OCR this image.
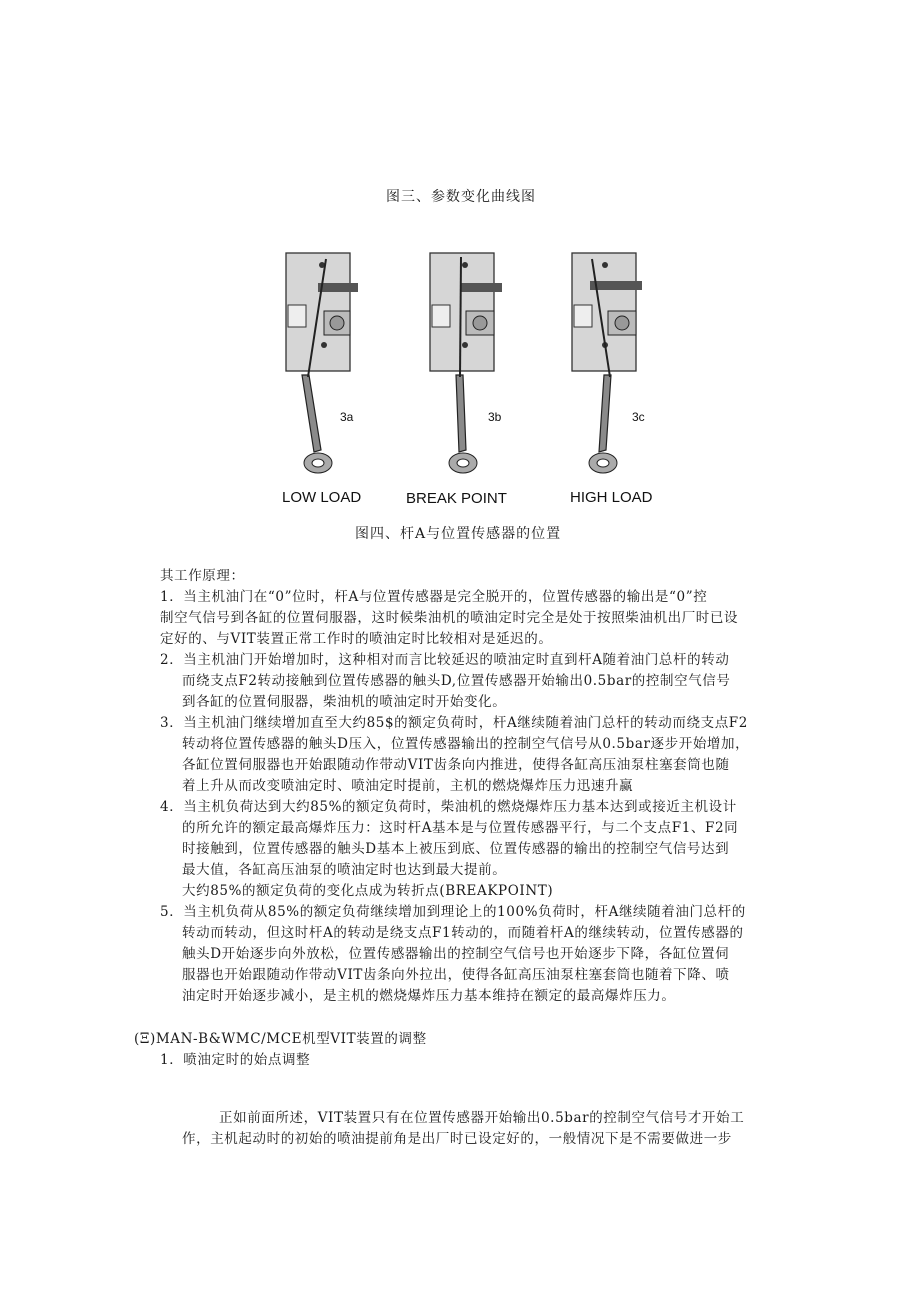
图三、参数变化曲线图
3a	3b	3c
LOW LOAD	BREAK POINT	HIGH LOAD
图四、杆A与位置传感器的位置
其工作原理：
1．当主机油门在“0”位时，杆A与位置传感器是完全脱开的，位置传感器的输出是“0”控
制空气信号到各缸的位置伺服器，这时候柴油机的喷油定时完全是处于按照柴油机出厂时已设
定好的、与VIT装置正常工作时的喷油定时比较相对是延迟的。
2．当主机油门开始增加时，这种相对而言比较延迟的喷油定时直到杆A随着油门总杆的转动
而绕支点F2转动接触到位置传感器的触头D,位置传感器开始输出0.5bar的控制空气信号
到各缸的位置伺服器，柴油机的喷油定时开始变化。
3．当主机油门继续增加直至大约85$的额定负荷时，杆A继续随着油门总杆的转动而绕支点F2
转动将位置传感器的触头D压入，位置传感器输出的控制空气信号从0.5bar逐步开始增加，
各缸位置伺服器也开始跟随动作带动VIT齿条向内推进，使得各缸高压油泵柱塞套筒也随
着上升从而改变喷油定时、喷油定时提前，主机的燃烧爆炸压力迅速升赢
4．当主机负荷达到大约85%的额定负荷时，柴油机的燃烧爆炸压力基本达到或接近主机设计
的所允许的额定最高爆炸压力：这时杆A基本是与位置传感器平行，与二个支点F1、F2同
时接触到，位置传感器的触头D基本上被压到底、位置传感器的输出的控制空气信号达到
最大值，各缸高压油泵的喷油定时也达到最大提前。
大约85%的额定负荷的变化点成为转折点(BREAKPOINT)
5．当主机负荷从85%的额定负荷继续增加到理论上的100%负荷时，杆A继续随着油门总杆的
转动而转动，但这时杆A的转动是绕支点F1转动的，而随着杆A的继续转动，位置传感器的
触头D开始逐步向外放松，位置传感器输出的控制空气信号也开始逐步下降，各缸位置伺
服器也开始跟随动作带动VIT齿条向外拉出，使得各缸高压油泵柱塞套筒也随着下降、喷
油定时开始逐步减小，是主机的燃烧爆炸压力基本维持在额定的最高爆炸压力。
(Ξ)MAN-B&WMC/MCE机型VIT装置的调整
1．喷油定时的始点调整
正如前面所述，VIT装置只有在位置传感器开始输出0.5bar的控制空气信号才开始工
作，主机起动时的初始的喷油提前角是出厂时已设定好的，一般情况下是不需要做进一步
